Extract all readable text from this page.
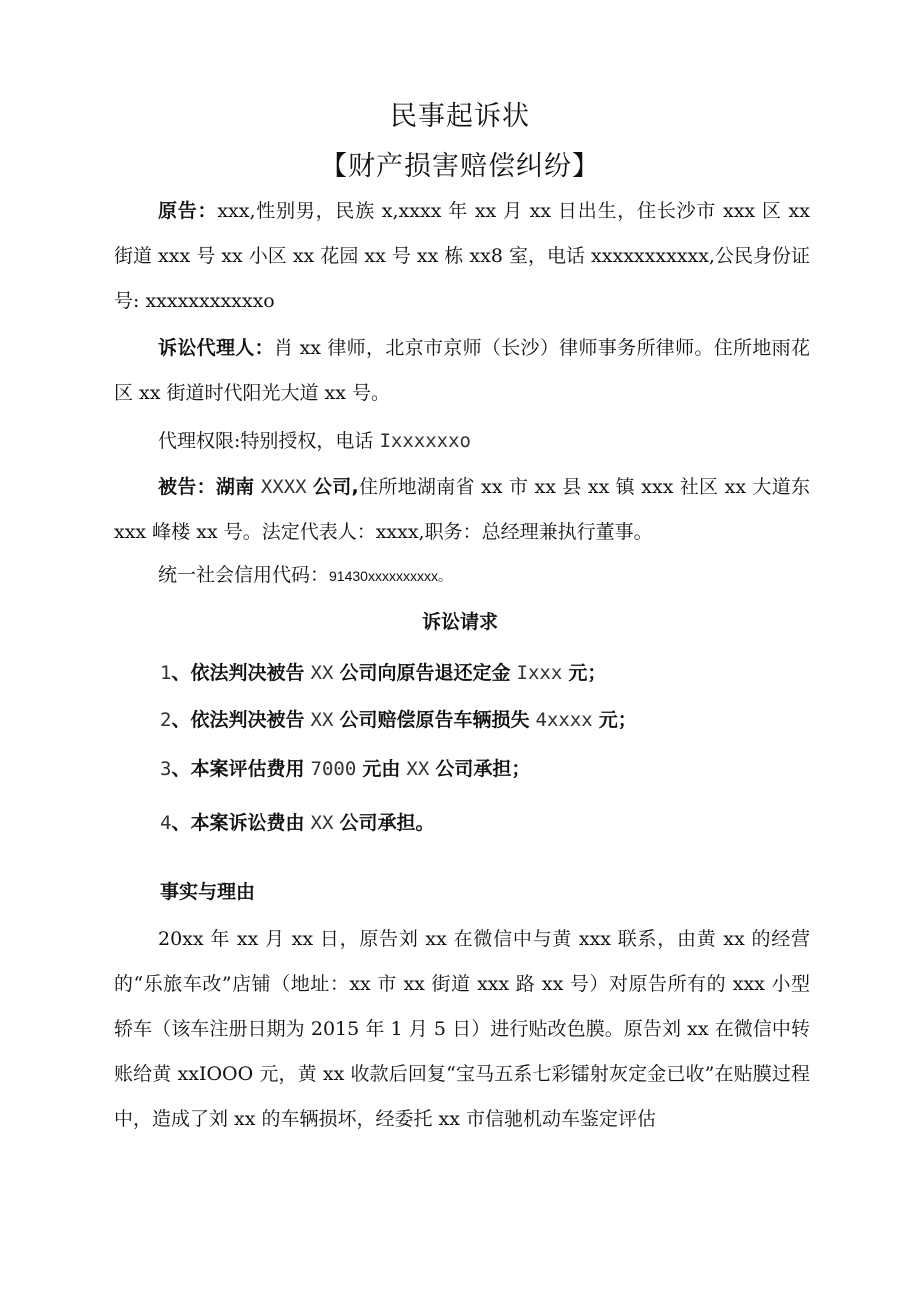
民事起诉状
【财产损害赔偿纠纷】
原告：xxx,性别男，民族 x,xxxx 年 xx 月 xx 日出生，住长沙市 xxx 区 xx 街道 xxx 号 xx 小区 xx 花园 xx 号 xx 栋 xx8 室，电话 xxxxxxxxxxx,公民身份证号: xxxxxxxxxxxo
诉讼代理人：肖 xx 律师，北京市京师（长沙）律师事务所律师。住所地雨花区 xx 街道时代阳光大道 xx 号。
代理权限:特别授权，电话 Ixxxxxxo
被告：湖南 XXXX 公司,住所地湖南省 xx 市 xx 县 xx 镇 xxx 社区 xx 大道东 xxx 峰楼 xx 号。法定代表人：xxxx,职务：总经理兼执行董事。
统一社会信用代码：91430xxxxxxxxxx。
诉讼请求
1、依法判决被告 XX 公司向原告退还定金 Ixxx 元；
2、依法判决被告 XX 公司赔偿原告车辆损失 4xxxx 元；
3、本案评估费用 7000 元由 XX 公司承担；
4、本案诉讼费由 XX 公司承担。
事实与理由
20xx 年 xx 月 xx 日，原告刘 xx 在微信中与黄 xxx 联系，由黄 xx 的经营的“乐旅车改”店铺（地址：xx 市 xx 街道 xxx 路 xx 号）对原告所有的 xxx 小型轿车（该车注册日期为 2015 年 1 月 5 日）进行贴改色膜。原告刘 xx 在微信中转账给黄 xxIOOO 元，黄 xx 收款后回复“宝马五系七彩镭射灰定金已收”在贴膜过程中，造成了刘 xx 的车辆损坏，经委托 xx 市信驰机动车鉴定评估
